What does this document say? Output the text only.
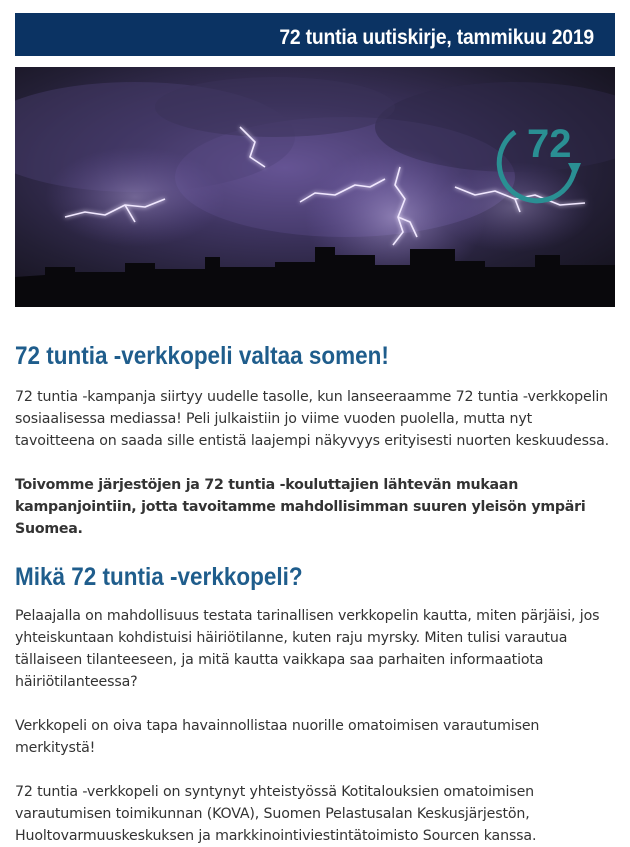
72 tuntia uutiskirje, tammikuu 2019
72
72 tuntia -verkkopeli valtaa somen!

72 tuntia -kampanja siirtyy uudelle tasolle, kun lanseeraamme 72 tuntia -verkkopelin sosiaalisessa mediassa! Peli julkaistiin jo viime vuoden puolella, mutta nyt tavoitteena on saada sille entistä laajempi näkyvyys erityisesti nuorten keskuudessa.

Toivomme järjestöjen ja 72 tuntia -kouluttajien lähtevän mukaan kampanjointiin, jotta tavoitamme mahdollisimman suuren yleisön ympäri Suomea.

Mikä 72 tuntia -verkkopeli?

Pelaajalla on mahdollisuus testata tarinallisen verkkopelin kautta, miten pärjäisi, jos yhteiskuntaan kohdistuisi häiriötilanne, kuten raju myrsky. Miten tulisi varautua tällaiseen tilanteeseen, ja mitä kautta vaikkapa saa parhaiten informaatiota häiriötilanteessa?

Verkkopeli on oiva tapa havainnollistaa nuorille omatoimisen varautumisen merkitystä!

72 tuntia -verkkopeli on syntynyt yhteistyössä Kotitalouksien omatoimisen varautumisen toimikunnan (KOVA), Suomen Pelastusalan Keskusjärjestön, Huoltovarmuuskeskuksen ja markkinointiviestintätoimisto Sourcen kanssa.
